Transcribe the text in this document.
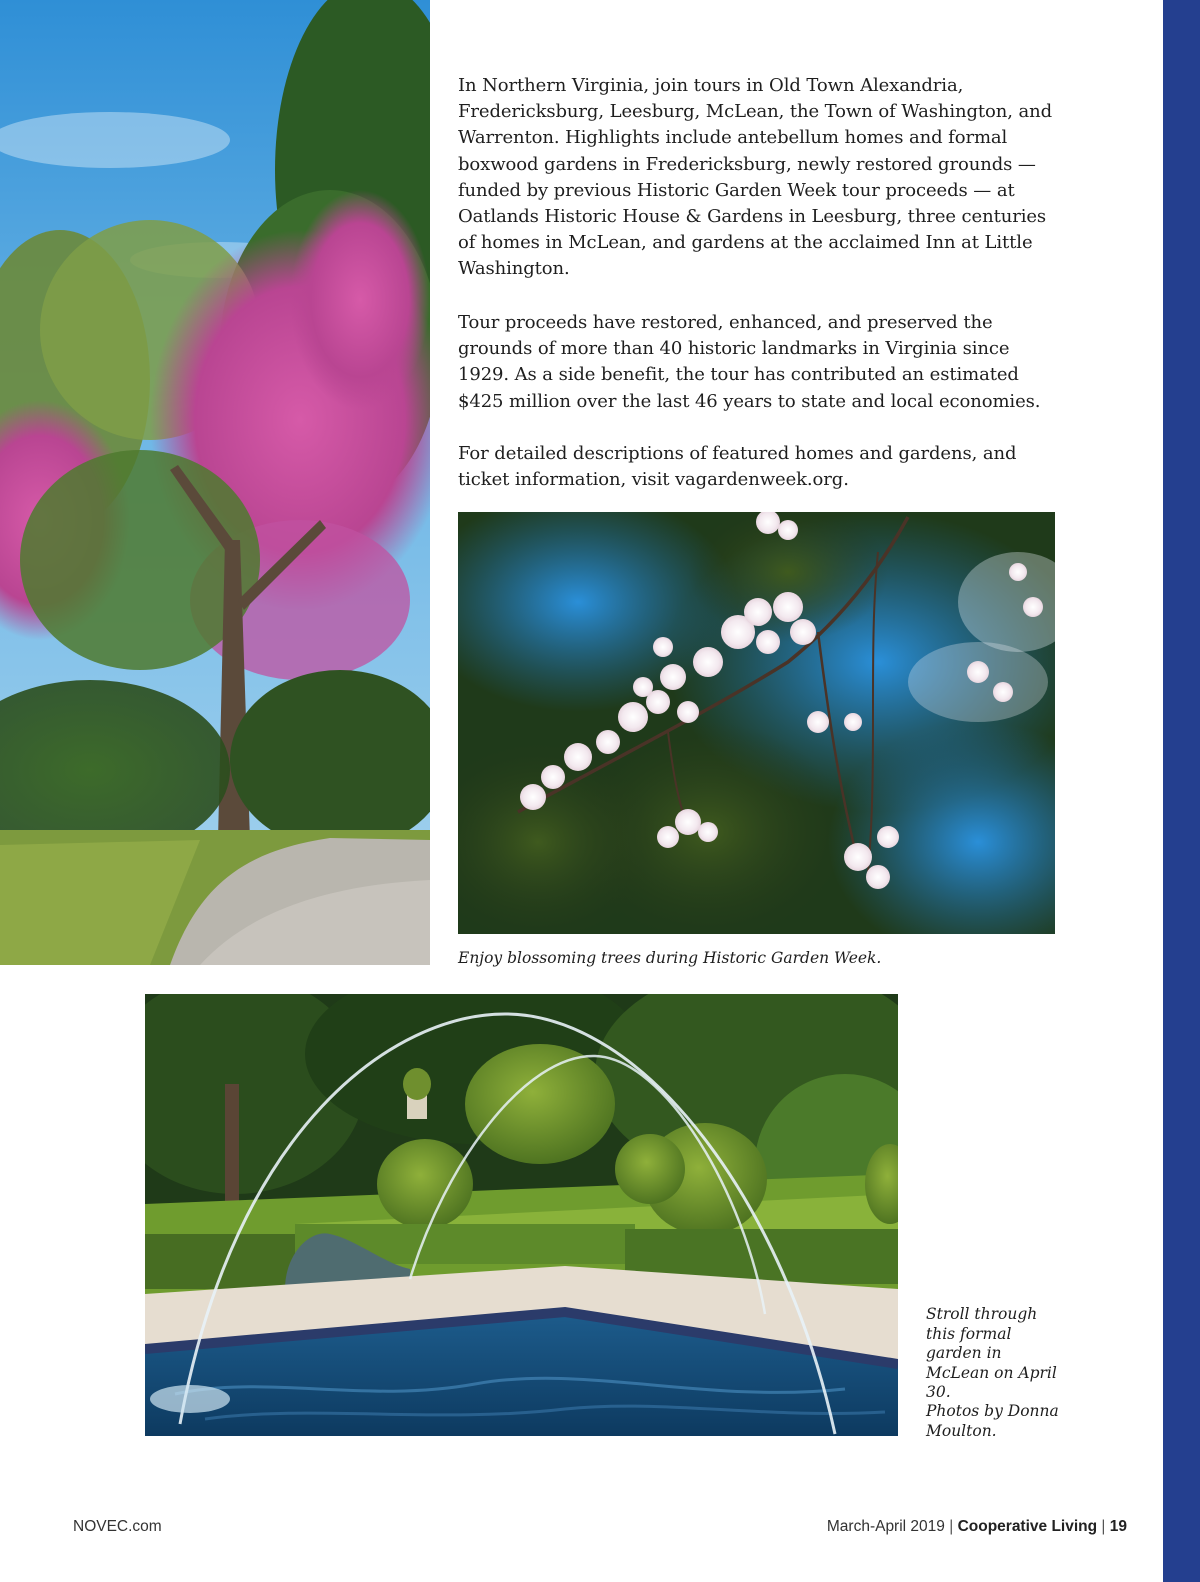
In Northern Virginia, join tours in Old Town Alexandria, Fredericksburg, Leesburg, McLean, the Town of Washington, and Warrenton. Highlights include antebellum homes and formal boxwood gardens in Fredericksburg, newly restored grounds — funded by previous Historic Garden Week tour proceeds — at Oatlands Historic House & Gardens in Leesburg, three centuries of homes in McLean, and gardens at the acclaimed Inn at Little Washington.

Tour proceeds have restored, enhanced, and preserved the grounds of more than 40 historic landmarks in Virginia since 1929. As a side benefit, the tour has contributed an estimated $425 million over the last 46 years to state and local economies.

For detailed descriptions of featured homes and gardens, and ticket information, visit vagardenweek.org.

Enjoy blossoming trees during Historic Garden Week.

Stroll through this formal garden in McLean on April 30.

Photos by Donna Moulton.

NOVEC.com	March-April 2019 | Cooperative Living | 19
